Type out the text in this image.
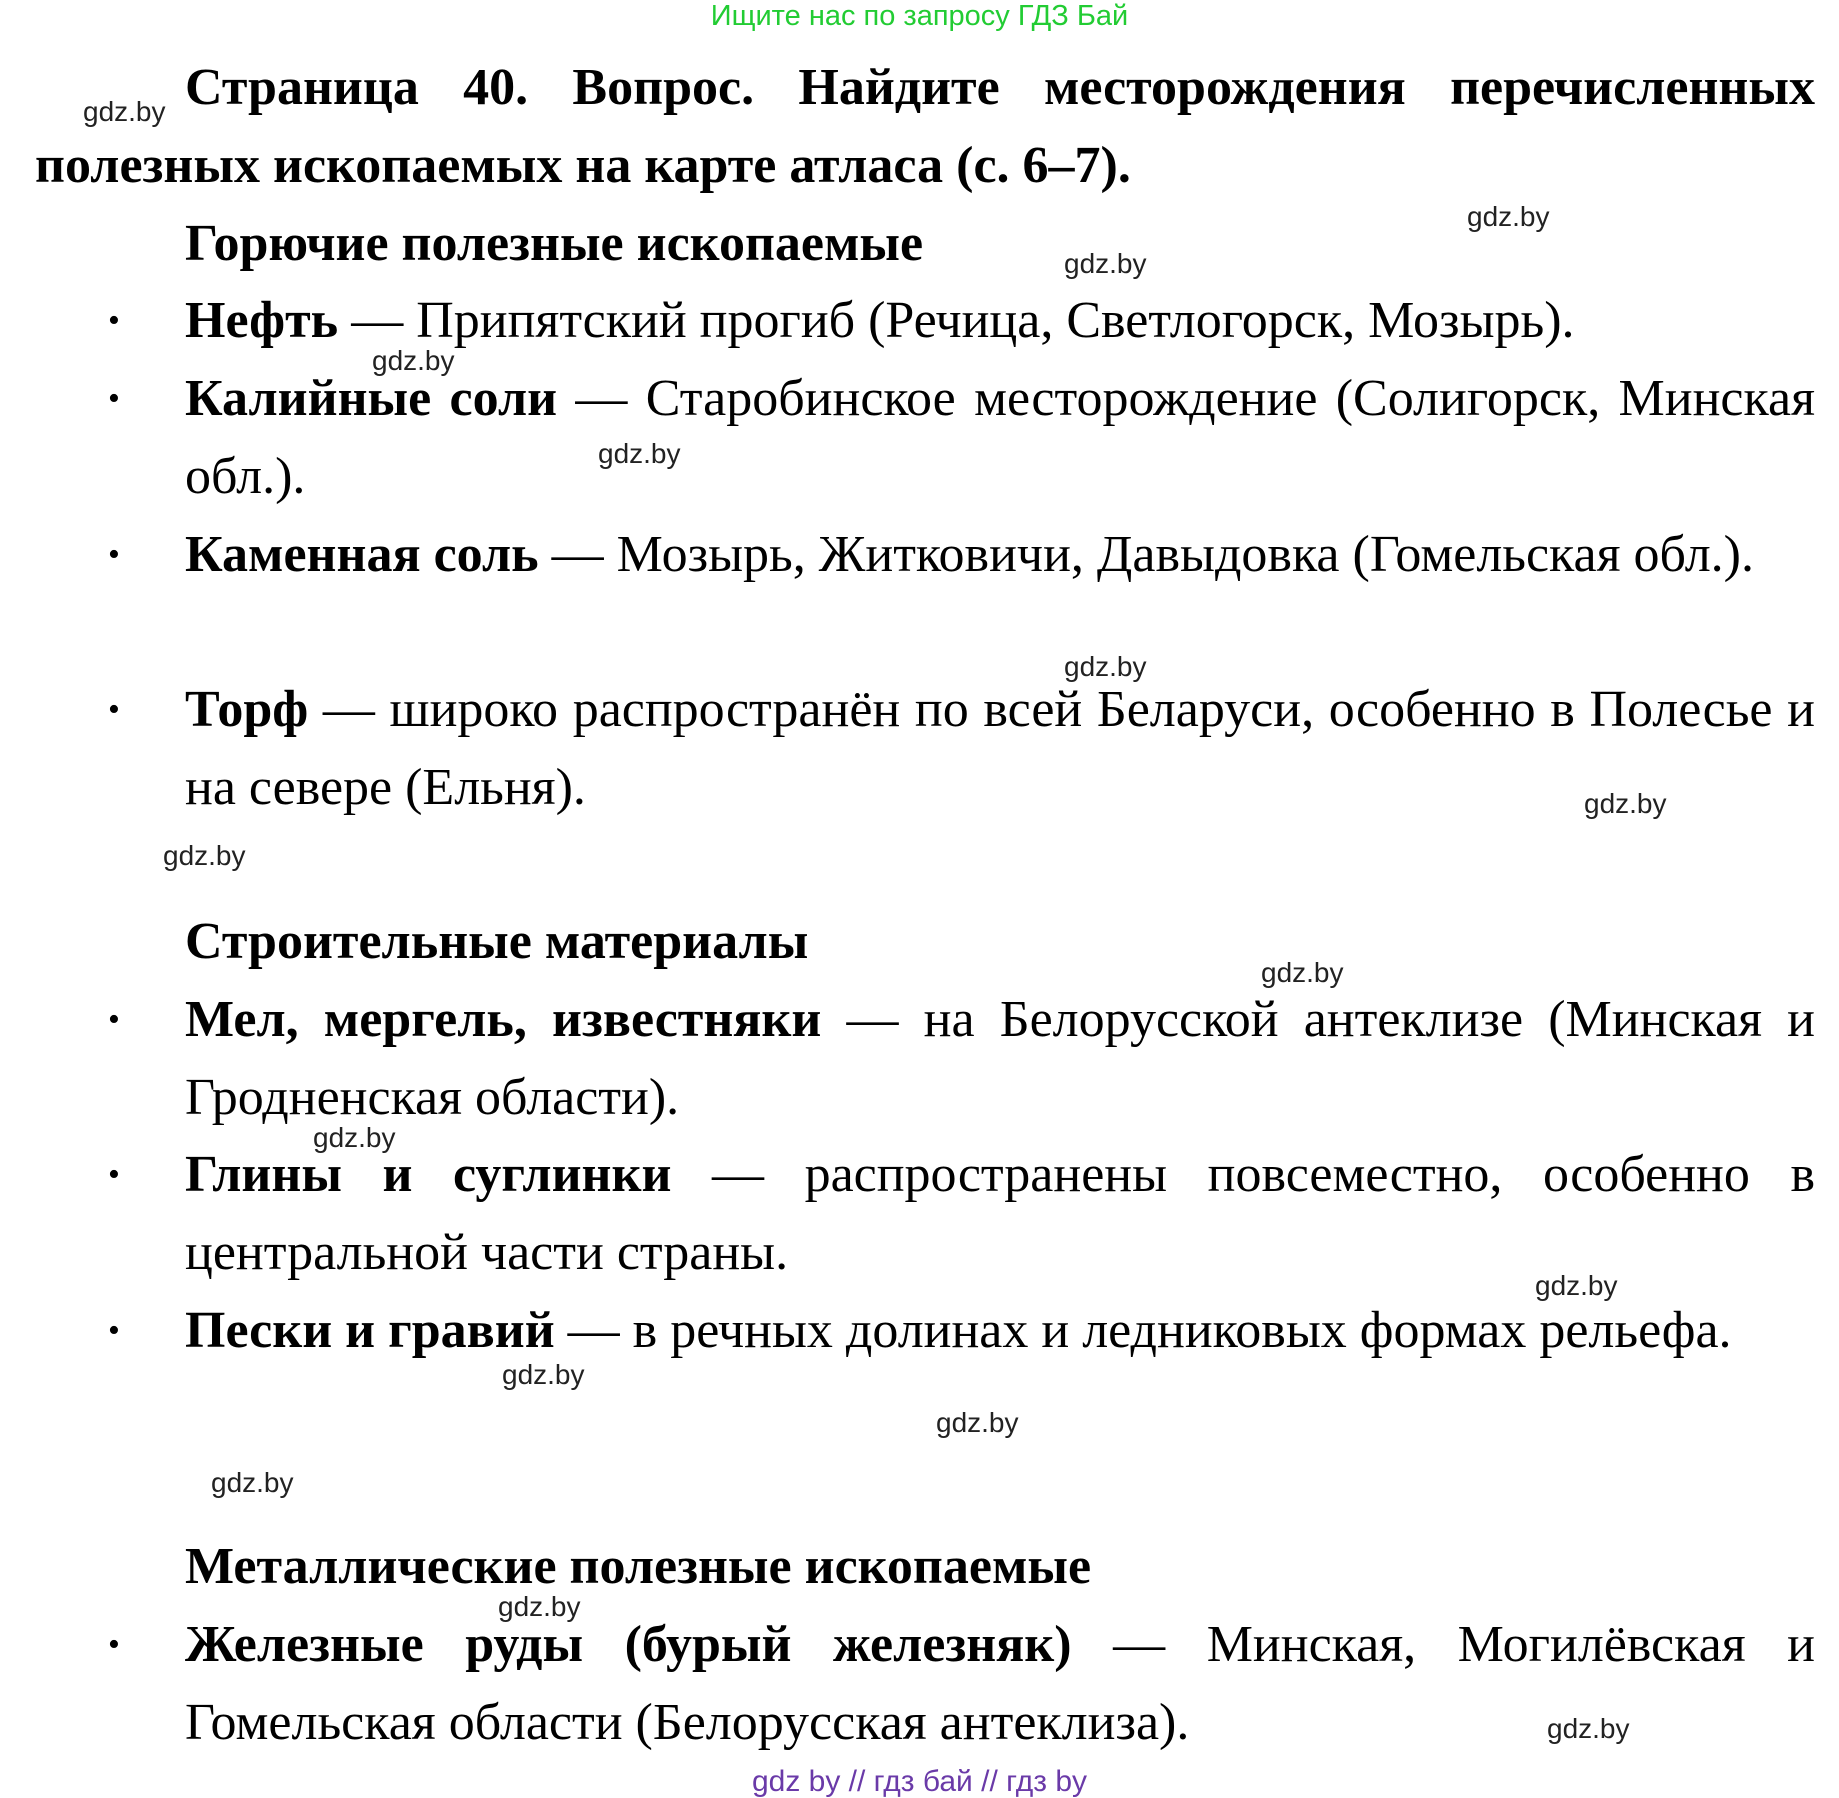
Ищите нас по запросу ГДЗ Бай
Страница 40. Вопрос. Найдите месторождения перечисленных полезных ископаемых на карте атласа (с. 6–7).
Горючие полезные ископаемые
• Нефть — Припятский прогиб (Речица, Светлогорск, Мозырь).
• Калийные соли — Старобинское месторождение (Солигорск, Минская обл.).
• Каменная соль — Мозырь, Житковичи, Давыдовка (Гомельская обл.).
• Торф — широко распространён по всей Беларуси, особенно в Полесье и на севере (Ельня).
Строительные материалы
• Мел, мергель, известняки — на Белорусской антеклизе (Минская и Гродненская области).
• Глины и суглинки — распространены повсеместно, особенно в центральной части страны.
• Пески и гравий — в речных долинах и ледниковых формах рельефа.
Металлические полезные ископаемые
• Железные руды (бурый железняк) — Минская, Могилёвская и Гомельская области (Белорусская антеклиза).
gdz.by
gdz.by
gdz.by
gdz.by
gdz.by
gdz.by
gdz.by
gdz.by
gdz.by
gdz.by
gdz.by
gdz.by
gdz.by
gdz.by
gdz.by
gdz.by
gdz by // гдз бай // гдз by
